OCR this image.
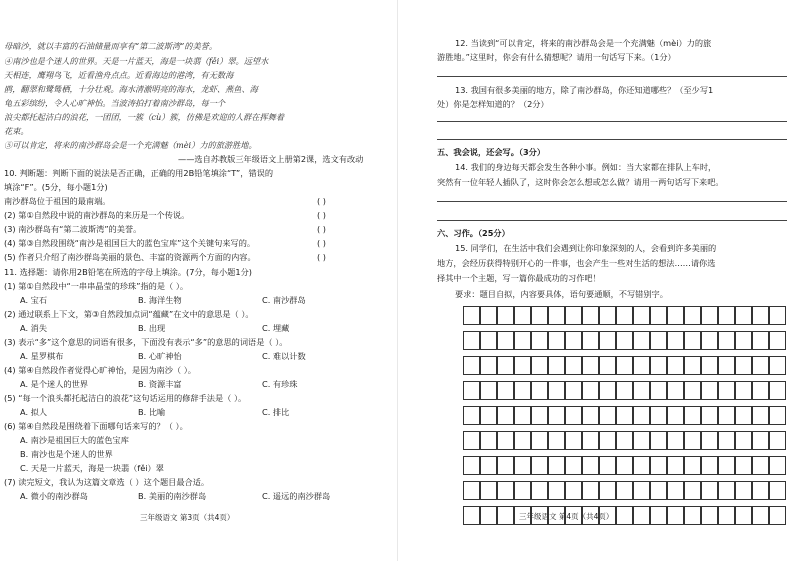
母暗沙，就以丰富的石油储量而享有“第二波斯湾”的美誉。
④南沙也是个迷人的世界。天是一片蓝天，海是一块翡（fěi）翠。远望水
天相连，鹰翔鸟飞，近看渔舟点点。近看海边的港湾，有无数海
鸥，翻翠和鹭鸶栖，十分壮观。海水清澈明亮的海水，龙虾、燕鱼、海
龟五彩缤纷，令人心旷神怡。当波涛拍打着南沙群岛，每一个
浪尖都托起洁白的浪花，一团团，一簇（cù）簇，仿佛是欢迎的人群在挥舞着
花束。
⑤可以肯定，将来的南沙群岛会是一个充满魅（mèi）力的旅游胜地。
——选自苏教版三年级语文上册第2课，选文有改动
10. 判断题：判断下面的说法是否正确，正确的用2B铅笔填涂“T”，错误的
填涂“F”。(5分，每小题1分)
南沙群岛位于祖国的最南端。	( )
(2) 第①自然段中说的南沙群岛的来历是一个传说。	( )
(3) 南沙群岛有“第二波斯湾”的美誉。	( )
(4) 第③自然段围绕“南沙是祖国巨大的蓝色宝库”这个关键句来写的。	( )
(5) 作者只介绍了南沙群岛美丽的景色、丰富的资源两个方面的内容。	( )
11. 选择题：请你用2B铅笔在所选的字母上填涂。(7分，每小题1分)
(1) 第①自然段中“一串串晶莹的珍珠”指的是（ ）。
A. 宝石	B. 海洋生物	C. 南沙群岛
(2) 通过联系上下文，第③自然段加点词“蕴藏”在文中的意思是（ ）。
A. 消失	B. 出现	C. 埋藏
(3) 表示“多”这个意思的词语有很多，下面没有表示“多”的意思的词语是（ ）。
A. 星罗棋布	B. 心旷神怡	C. 难以计数
(4) 第④自然段作者觉得心旷神怡，是因为南沙（ ）。
A. 是个迷人的世界	B. 资源丰富	C. 有珍珠
(5) “每一个浪头都托起洁白的浪花”这句话运用的修辞手法是（ ）。
A. 拟人	B. 比喻	C. 排比
(6) 第④自然段是围绕着下面哪句话来写的？（ ）。
A. 南沙是祖国巨大的蓝色宝库
B. 南沙也是个迷人的世界
C. 天是一片蓝天，海是一块翡（fěi）翠
(7) 读完短文，我认为这篇文章选（ ）这个题目最合适。
A. 微小的南沙群岛	B. 美丽的南沙群岛	C. 遥远的南沙群岛
三年级语文 第3页（共4页）
12. 当读到“可以肯定，将来的南沙群岛会是一个充满魅（mèi）力的旅
游胜地。”这里时，你会有什么猜想呢？请用一句话写下来。（1分）
13. 我国有很多美丽的地方，除了南沙群岛，你还知道哪些？（至少写1
处）你是怎样知道的？（2分）
五、我会说，还会写。（3分）
14. 我们的身边每天都会发生各种小事。例如：当大家都在排队上车时，
突然有一位年轻人插队了，这时你会怎么想或怎么做？请用一两句话写下来吧。
六、习作。（25分）
15. 同学们，在生活中我们会遇到让你印象深刻的人，会看到许多美丽的
地方，会经历获得特别开心的一件事，也会产生一些对生活的想法……请你选
择其中一个主题，写一篇你最成功的习作吧！
要求：题目自拟，内容要具体，语句要通顺，不写错别字。
三年级语文 第4页（共4页）
